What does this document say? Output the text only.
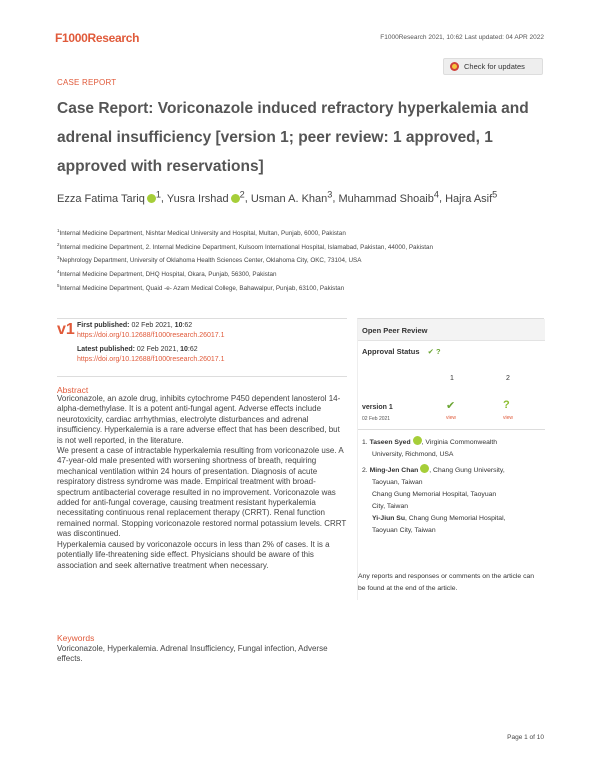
F1000Research	F1000Research 2021, 10:62 Last updated: 04 APR 2022
Check for updates
CASE REPORT
Case Report: Voriconazole induced refractory hyperkalemia and adrenal insufficiency [version 1; peer review: 1 approved, 1 approved with reservations]
Ezza Fatima Tariq $^1$, Yusra Irshad $^2$, Usman A. Khan$^3$, Muhammad Shoaib$^4$, Hajra Asif$^5$
$^1$Internal Medicine Department, Nishtar Medical University and Hospital, Multan, Punjab, 6000, Pakistan
$^2$Internal medicine Department, 2. Internal Medicine Department, Kulsoom International Hospital, Islamabad, Pakistan, 44000, Pakistan
$^3$Nephrology Department, University of Oklahoma Health Sciences Center, Oklahoma City, OKC, 73104, USA
$^4$Internal Medicine Department, DHQ Hospital, Okara, Punjab, 56300, Pakistan
$^5$Internal Medicine Department, Quaid -e- Azam Medical College, Bahawalpur, Punjab, 63100, Pakistan
v1 First published: 02 Feb 2021, 10:62
https://doi.org/10.12688/f1000research.26017.1
Latest published: 02 Feb 2021, 10:62
https://doi.org/10.12688/f1000research.26017.1
Abstract

Voriconazole, an azole drug, inhibits cytochrome P450 dependent lanosterol 14-alpha-demethylase. It is a potent anti-fungal agent. Adverse effects include neurotoxicity, cardiac arrhythmias, electrolyte disturbances and adrenal insufficiency. Hyperkalemia is a rare adverse effect that has been described, but is not well reported, in the literature.

We present a case of intractable hyperkalemia resulting from voriconazole use. A 47-year-old male presented with worsening shortness of breath, requiring mechanical ventilation within 24 hours of presentation. Diagnosis of acute respiratory distress syndrome was made. Empirical treatment with broad-spectrum antibacterial coverage resulted in no improvement. Voriconazole was added for anti-fungal coverage, causing treatment resistant hyperkalemia necessitating continuous renal replacement therapy (CRRT). Renal function remained normal. Stopping voriconazole restored normal potassium levels. CRRT was discontinued.

Hyperkalemia caused by voriconazole occurs in less than 2% of cases. It is a potentially life-threatening side effect. Physicians should be aware of this association and seek alternative treatment when necessary.

Keywords
Voriconazole, Hyperkalemia. Adrenal Insufficiency, Fungal infection, Adverse effects.
Open Peer Review
Approval Status ✔ ?
1	2
version 1
02 Feb 2021
✔	?
view	view
1. Taseen Syed , Virginia Commonwealth
University, Richmond, USA
2. Ming-Jen Chan , Chang Gung University,
Taoyuan, Taiwan
Chang Gung Memorial Hospital, Taoyuan
City, Taiwan
Yi-Jiun Su, Chang Gung Memorial Hospital,
Taoyuan City, Taiwan
Any reports and responses or comments on the article can be found at the end of the article.
Page 1 of 10
